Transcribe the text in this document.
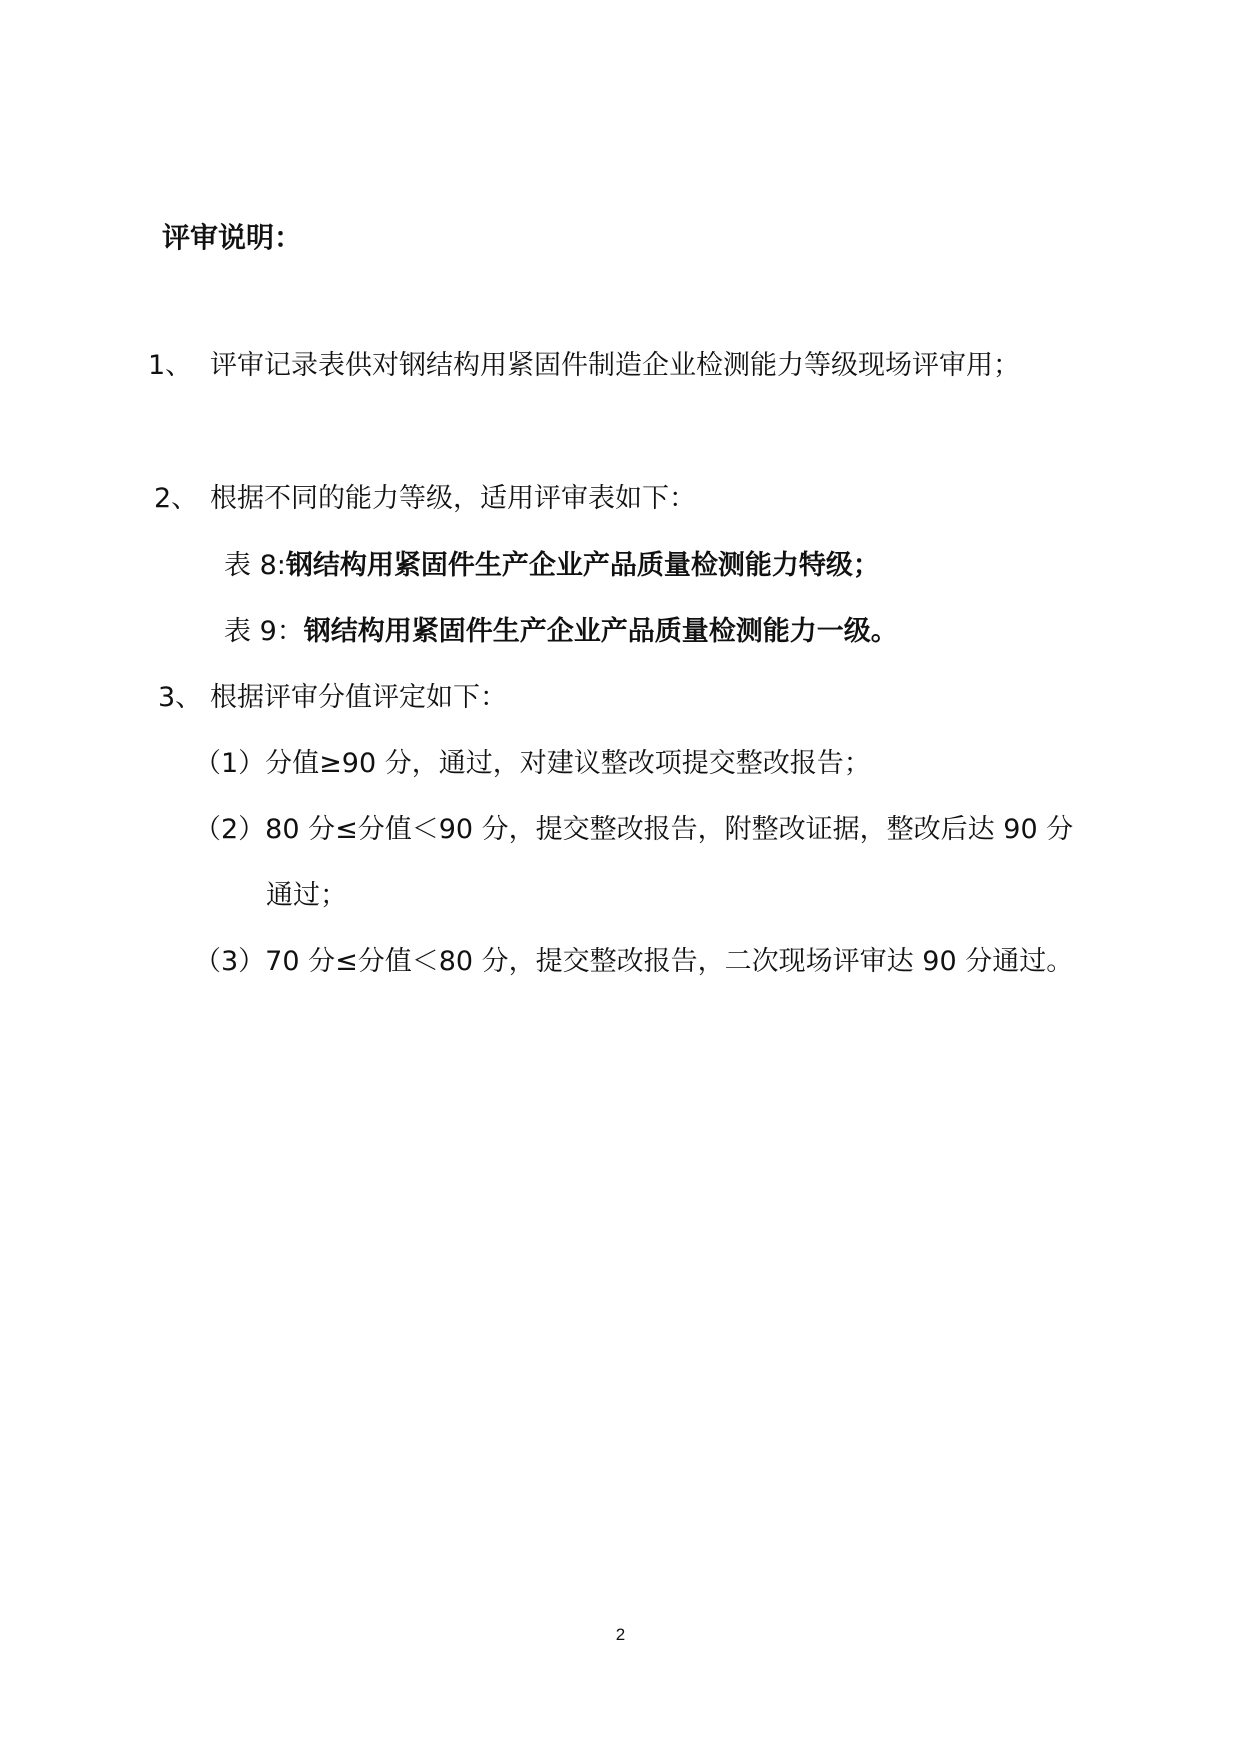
评审说明：
1、 评审记录表供对钢结构用紧固件制造企业检测能力等级现场评审用；
2、 根据不同的能力等级，适用评审表如下：
表 8:钢结构用紧固件生产企业产品质量检测能力特级；
表 9：钢结构用紧固件生产企业产品质量检测能力一级。
3、 根据评审分值评定如下：
（1）分值≥90 分，通过，对建议整改项提交整改报告；
（2）80 分≤分值＜90 分，提交整改报告，附整改证据，整改后达 90 分
通过；
（3）70 分≤分值＜80 分，提交整改报告，二次现场评审达 90 分通过。
2
